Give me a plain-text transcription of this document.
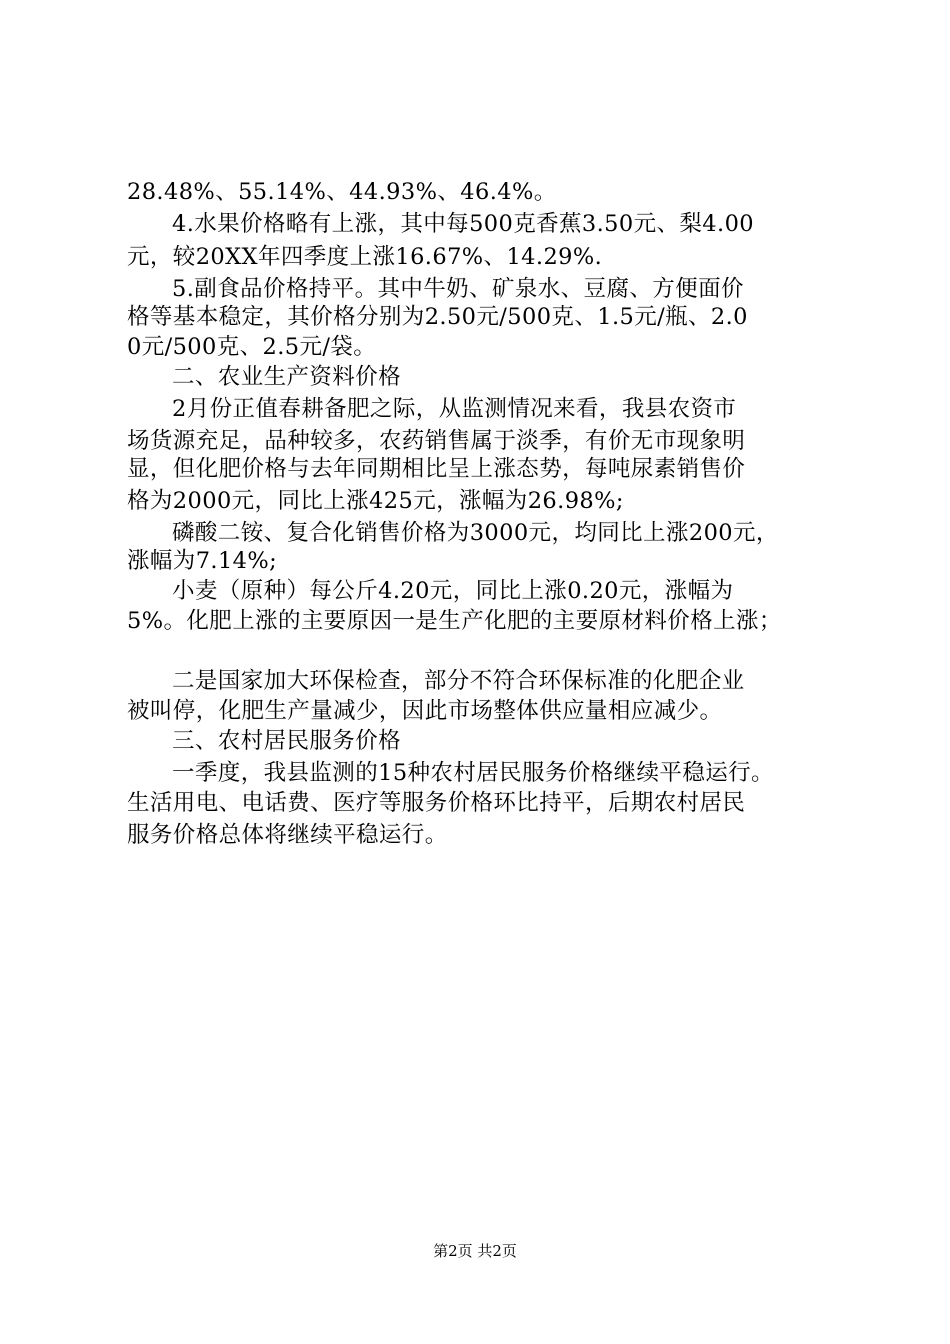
28.48%、55.14%、44.93%、46.4%。
4.水果价格略有上涨，其中每500克香蕉3.50元、梨4.00
元，较20XX年四季度上涨16.67%、14.29%.
5.副食品价格持平。其中牛奶、矿泉水、豆腐、方便面价
格等基本稳定，其价格分别为2.50元/500克、1.5元/瓶、2.0
0元/500克、2.5元/袋。
二、农业生产资料价格
2月份正值春耕备肥之际，从监测情况来看，我县农资市
场货源充足，品种较多，农药销售属于淡季，有价无市现象明
显，但化肥价格与去年同期相比呈上涨态势，每吨尿素销售价
格为2000元，同比上涨425元，涨幅为26.98%;
磷酸二铵、复合化销售价格为3000元，均同比上涨200元，
涨幅为7.14%;
小麦（原种）每公斤4.20元，同比上涨0.20元，涨幅为
5%。化肥上涨的主要原因一是生产化肥的主要原材料价格上涨；
二是国家加大环保检查，部分不符合环保标准的化肥企业
被叫停，化肥生产量减少，因此市场整体供应量相应减少。
三、农村居民服务价格
一季度，我县监测的15种农村居民服务价格继续平稳运行。
生活用电、电话费、医疗等服务价格环比持平，后期农村居民
服务价格总体将继续平稳运行。
第2页 共2页
